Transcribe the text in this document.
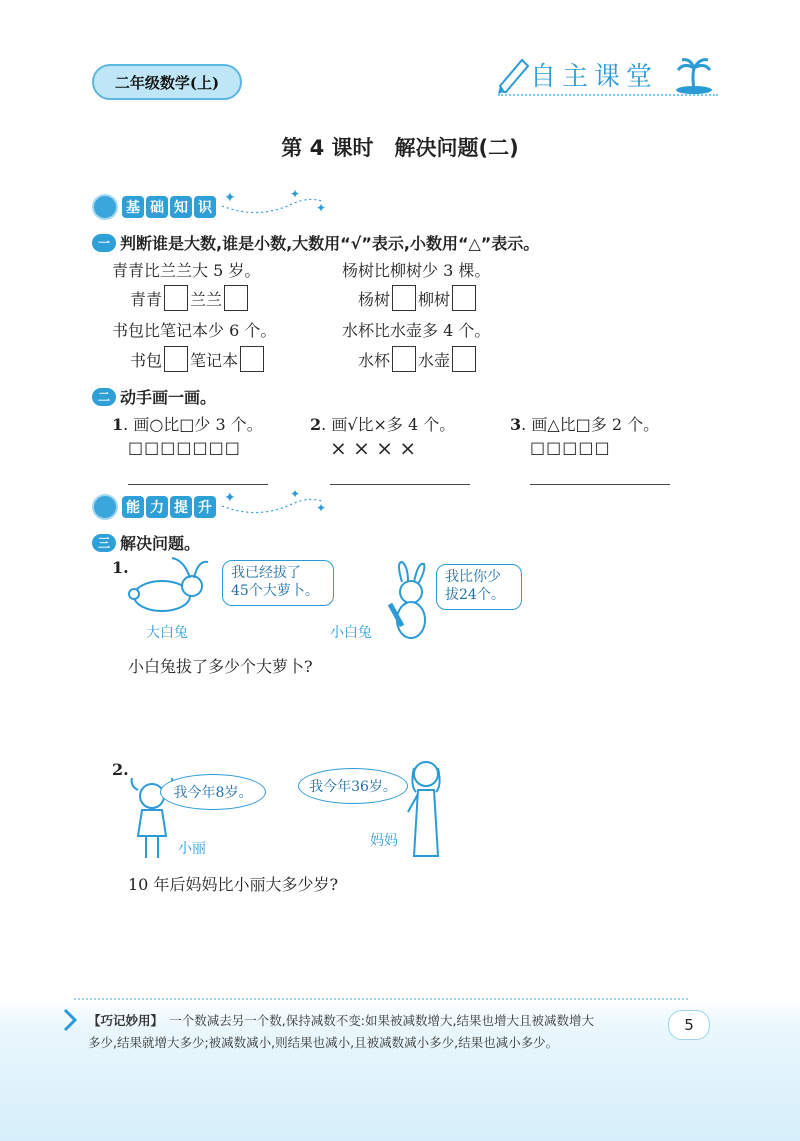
二年级数学(上)	自主课堂
第 4 课时　解决问题(二)
基 础 知 识
✦	✦
✦
一 判断谁是大数,谁是小数,大数用“√”表示,小数用“△”表示。
青青比兰兰大 5 岁。	杨树比柳树少 3 棵。
青青 兰兰	杨树 柳树
书包比笔记本少 6 个。	水杯比水壶多 4 个。
书包 笔记本	水杯 水壶
二 动手画一画。
1. 画○比□少 3 个。	2. 画√比×多 4 个。	3. 画△比□多 2 个。
□□□□□□□	× × × ×	□□□□□
能 力 提 升
✦	✦
✦
三 解决问题。
1.	我已经拔了
45个大萝卜。
大白兔
我比你少
拔24个。
小白兔
小白兔拔了多少个大萝卜?
2.
我今年8岁。
小丽
我今年36岁。
妈妈
10 年后妈妈比小丽大多少岁?
【巧记妙用】　 一个数减去另一个数,保持减数不变:如果被减数增大,结果也增大且被减数增大
多少,结果就增大多少;被减数减小,则结果也减小,且被减数减小多少,结果也减小多少。
5
